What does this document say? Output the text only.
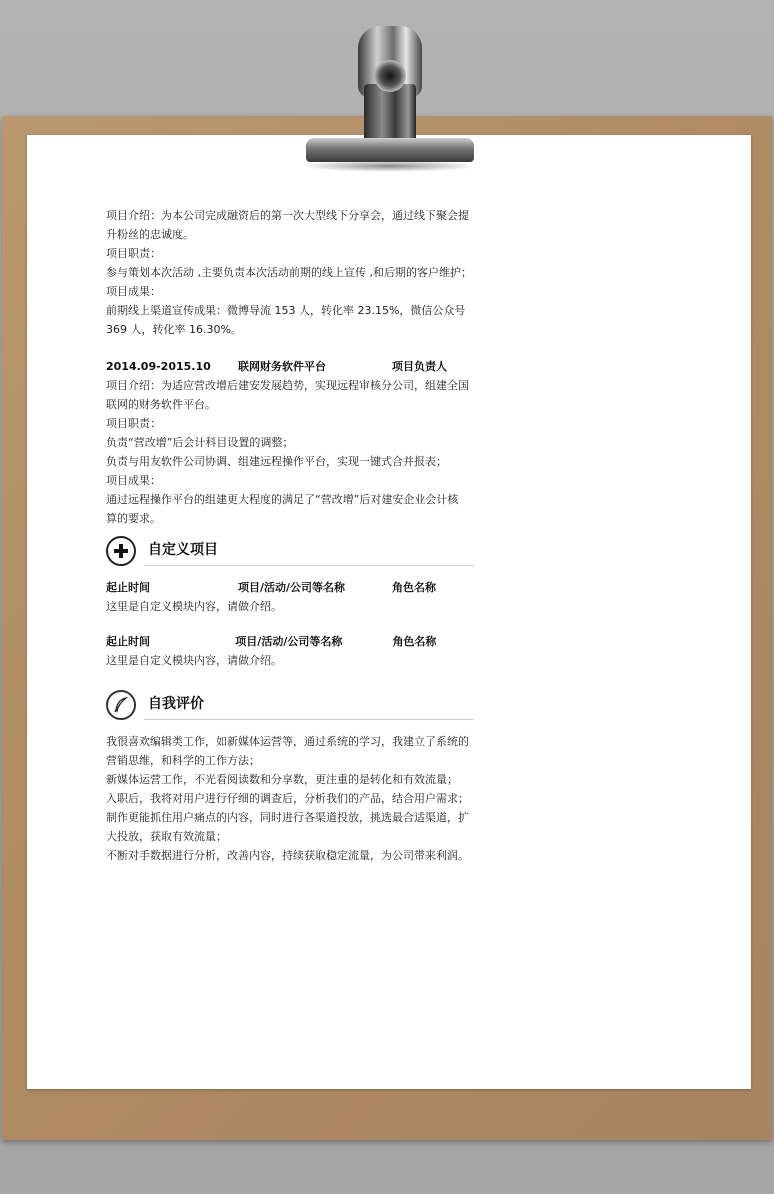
项目介绍：为本公司完成融资后的第一次大型线下分享会，通过线下聚会提

升粉丝的忠诚度。

项目职责：

参与策划本次活动 ,主要负责本次活动前期的线上宣传 ,和后期的客户维护；

项目成果：

前期线上渠道宣传成果：微博导流 153 人，转化率 23.15%，微信公众号

369 人，转化率 16.30%。

2014.09-2015.10	联网财务软件平台	项目负责人

项目介绍：为适应营改增后建安发展趋势，实现远程审核分公司，组建全国

联网的财务软件平台。

项目职责：

负责“营改增”后会计科目设置的调整；

负责与用友软件公司协调、组建远程操作平台，实现一键式合并报表；

项目成果：

通过远程操作平台的组建更大程度的满足了“营改增”后对建安企业会计核

算的要求。

自定义项目
起止时间	项目/活动/公司等名称	角色名称

这里是自定义模块内容，请做介绍。

起止时间	项目/活动/公司等名称	角色名称

这里是自定义模块内容，请做介绍。

自我评价

我很喜欢编辑类工作，如新媒体运营等，通过系统的学习，我建立了系统的

营销思维，和科学的工作方法；

新媒体运营工作，不光看阅读数和分享数，更注重的是转化和有效流量；

入职后，我将对用户进行仔细的调查后，分析我们的产品，结合用户需求；

制作更能抓住用户痛点的内容，同时进行各渠道投放，挑选最合适渠道，扩

大投放，获取有效流量；

不断对手数据进行分析，改善内容，持续获取稳定流量，为公司带来利润。
